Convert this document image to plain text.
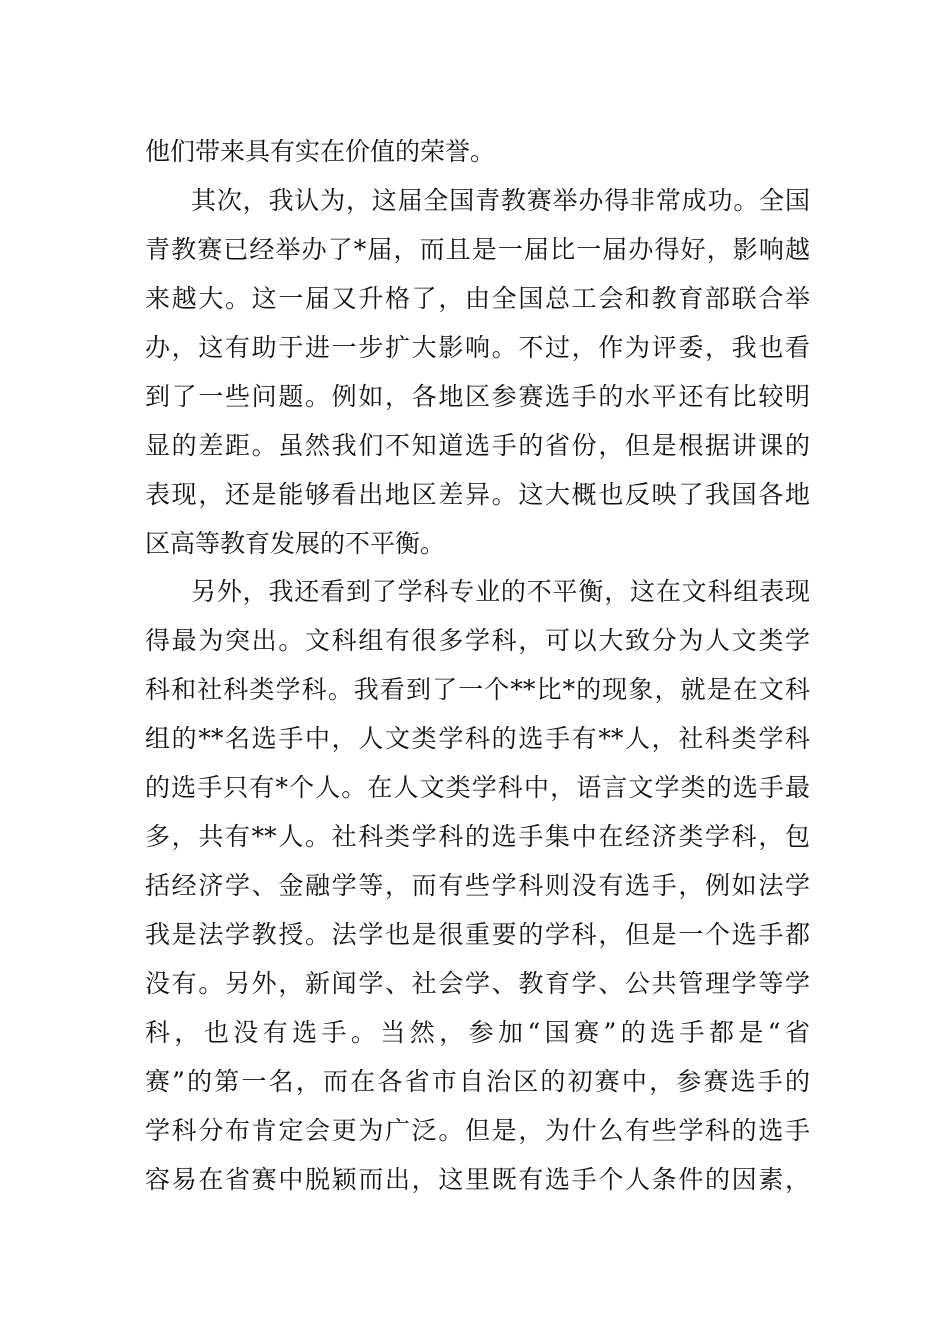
他们带来具有实在价值的荣誉。
其次，我认为，这届全国青教赛举办得非常成功。全国
青教赛已经举办了*届，而且是一届比一届办得好，影响越
来越大。这一届又升格了，由全国总工会和教育部联合举
办，这有助于进一步扩大影响。不过，作为评委，我也看
到了一些问题。例如，各地区参赛选手的水平还有比较明
显的差距。虽然我们不知道选手的省份，但是根据讲课的
表现，还是能够看出地区差异。这大概也反映了我国各地
区高等教育发展的不平衡。
另外，我还看到了学科专业的不平衡，这在文科组表现
得最为突出。文科组有很多学科，可以大致分为人文类学
科和社科类学科。我看到了一个**比*的现象，就是在文科
组的**名选手中，人文类学科的选手有**人，社科类学科
的选手只有*个人。在人文类学科中，语言文学类的选手最
多，共有**人。社科类学科的选手集中在经济类学科，包
括经济学、金融学等，而有些学科则没有选手，例如法学
我是法学教授。法学也是很重要的学科，但是一个选手都
没有。另外，新闻学、社会学、教育学、公共管理学等学
科，也没有选手。当然，参加“国赛”的选手都是“省
赛”的第一名，而在各省市自治区的初赛中，参赛选手的
学科分布肯定会更为广泛。但是，为什么有些学科的选手
容易在省赛中脱颖而出，这里既有选手个人条件的因素，
